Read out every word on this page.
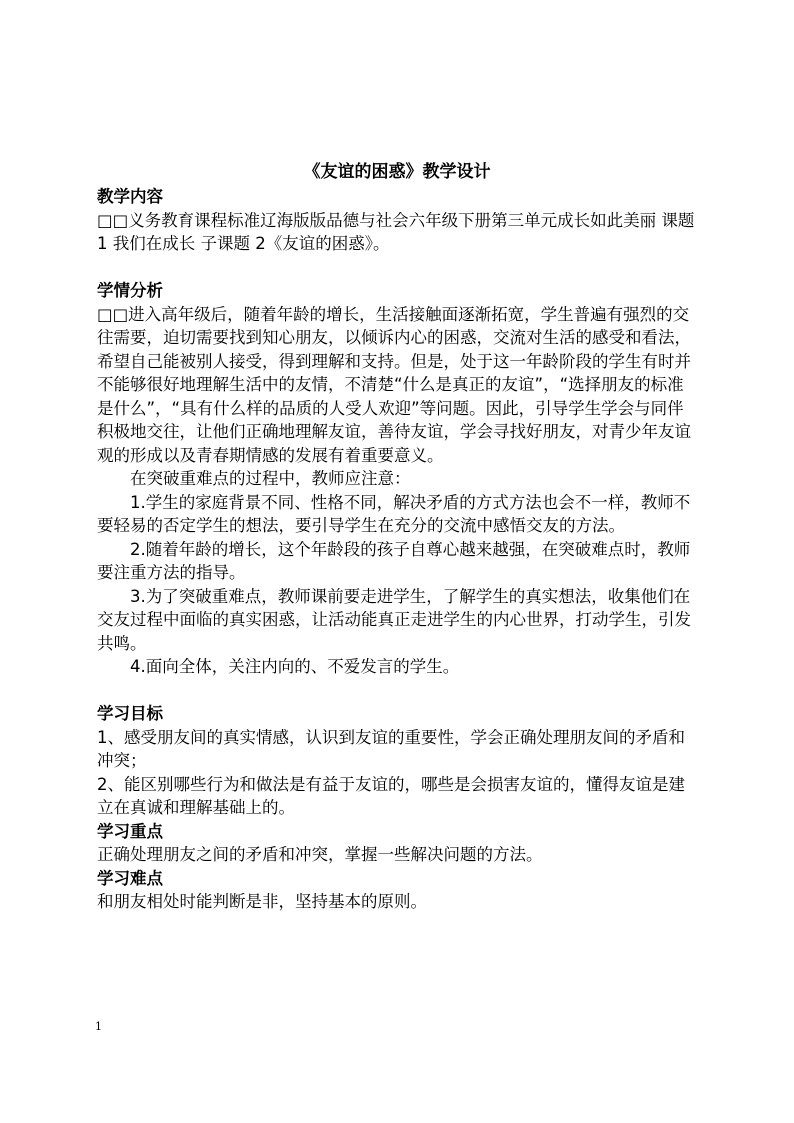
《友谊的困惑》教学设计

教学内容

□□义务教育课程标准辽海版版品德与社会六年级下册第三单元成长如此美丽 课题 1 我们在成长 子课题 2《友谊的困惑》。

学情分析

□□进入高年级后，随着年龄的增长，生活接触面逐渐拓宽，学生普遍有强烈的交往需要，迫切需要找到知心朋友，以倾诉内心的困惑，交流对生活的感受和看法，希望自己能被别人接受，得到理解和支持。但是，处于这一年龄阶段的学生有时并不能够很好地理解生活中的友情，不清楚“什么是真正的友谊”，“选择朋友的标准是什么”，“具有什么样的品质的人受人欢迎”等问题。因此，引导学生学会与同伴积极地交往，让他们正确地理解友谊，善待友谊，学会寻找好朋友，对青少年友谊观的形成以及青春期情感的发展有着重要意义。

在突破重难点的过程中，教师应注意：

1.学生的家庭背景不同、性格不同，解决矛盾的方式方法也会不一样，教师不要轻易的否定学生的想法，要引导学生在充分的交流中感悟交友的方法。

2.随着年龄的增长，这个年龄段的孩子自尊心越来越强，在突破难点时，教师要注重方法的指导。

3.为了突破重难点，教师课前要走进学生，了解学生的真实想法，收集他们在交友过程中面临的真实困惑，让活动能真正走进学生的内心世界，打动学生，引发共鸣。

4.面向全体，关注内向的、不爱发言的学生。

学习目标

1、感受朋友间的真实情感，认识到友谊的重要性，学会正确处理朋友间的矛盾和冲突；

2、能区别哪些行为和做法是有益于友谊的，哪些是会损害友谊的，懂得友谊是建立在真诚和理解基础上的。

学习重点

正确处理朋友之间的矛盾和冲突，掌握一些解决问题的方法。

学习难点

和朋友相处时能判断是非，坚持基本的原则。

1
